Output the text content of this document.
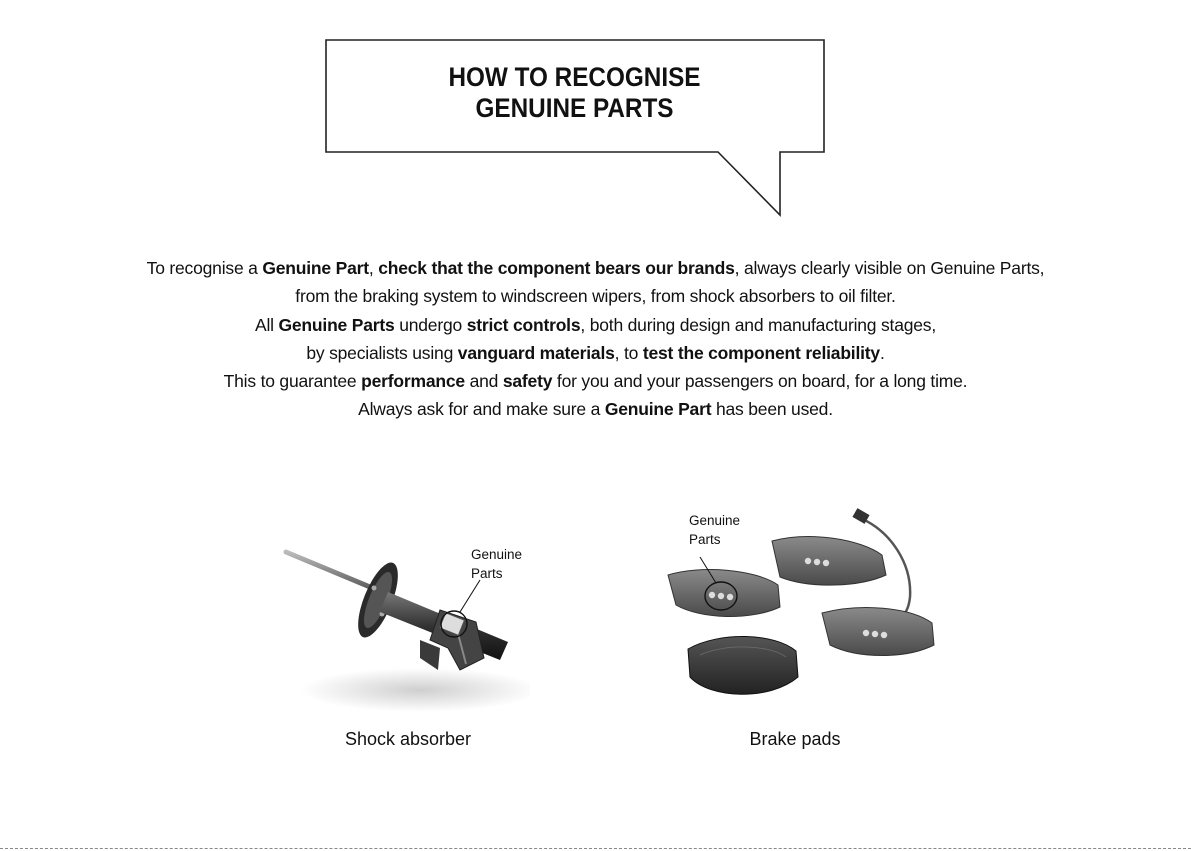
HOW TO RECOGNISE
GENUINE PARTS

To recognise a Genuine Part, check that the component bears our brands, always clearly visible on Genuine Parts,

from the braking system to windscreen wipers, from shock absorbers to oil filter.

All Genuine Parts undergo strict controls, both during design and manufacturing stages,

by specialists using vanguard materials, to test the component reliability.

This to guarantee performance and safety for you and your passengers on board, for a long time.

Always ask for and make sure a Genuine Part has been used.

Genuine
Parts
Shock absorber
Genuine
Parts
Brake pads
